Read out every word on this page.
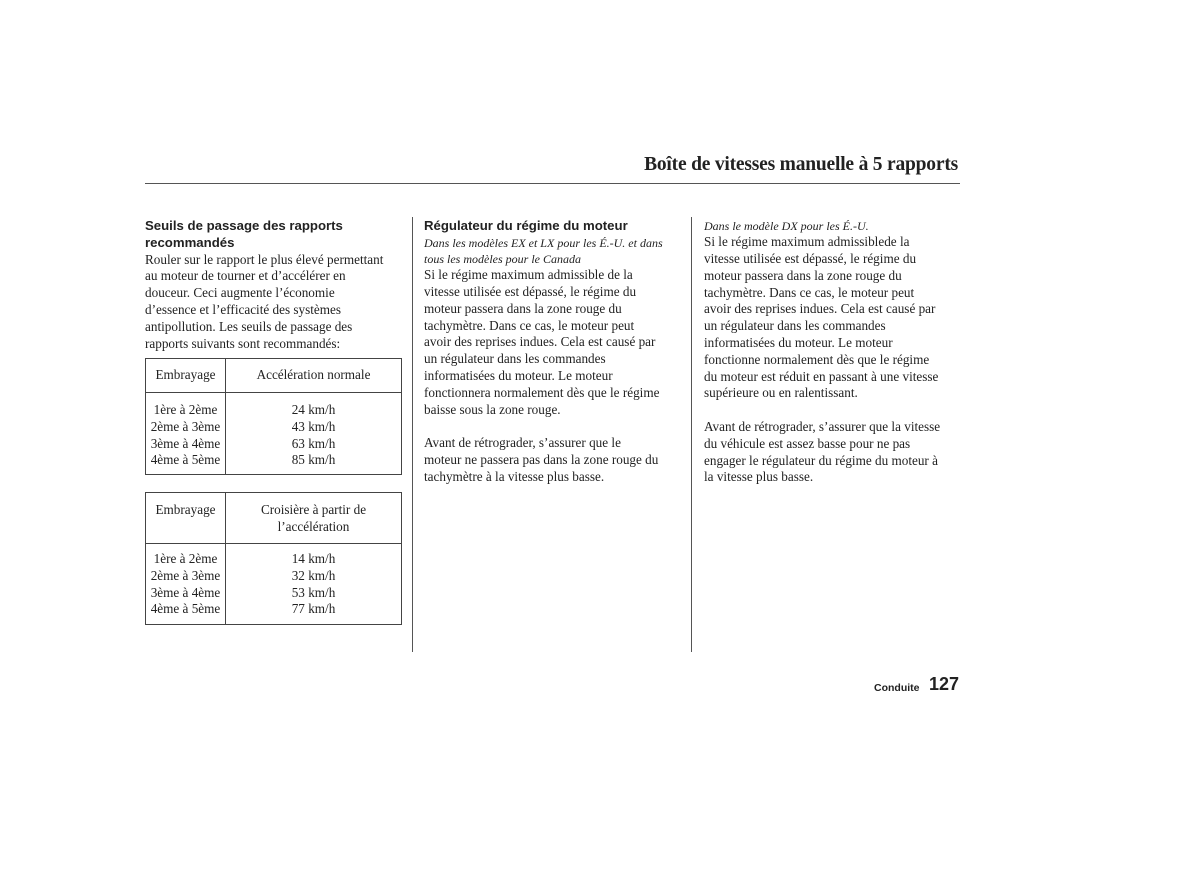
Boîte de vitesses manuelle à 5 rapports

Seuils de passage des rapports

recommandés

Rouler sur le rapport le plus élevé permettant

au moteur de tourner et d’accélérer en

douceur. Ceci augmente l’économie

d’essence et l’efficacité des systèmes

antipollution. Les seuils de passage des

rapports suivants sont recommandés:

Embrayage	Accélération normale

1ère à 2ème	24 km/h
2ème à 3ème	43 km/h
3ème à 4ème	63 km/h
4ème à 5ème	85 km/h
Embrayage	Croisière à partir de
l’accélération

1ère à 2ème	14 km/h
2ème à 3ème	32 km/h
3ème à 4ème	53 km/h
4ème à 5ème	77 km/h

Régulateur du régime du moteur

Dans les modèles EX et LX pour les É.-U. et dans

tous les modèles pour le Canada

Si le régime maximum admissible de la

vitesse utilisée est dépassé, le régime du

moteur passera dans la zone rouge du

tachymètre. Dans ce cas, le moteur peut

avoir des reprises indues. Cela est causé par

un régulateur dans les commandes

informatisées du moteur. Le moteur

fonctionnera normalement dès que le régime

baisse sous la zone rouge.

Avant de rétrograder, s’assurer que le

moteur ne passera pas dans la zone rouge du

tachymètre à la vitesse plus basse.

Dans le modèle DX pour les É.-U.

Si le régime maximum admissiblede la

vitesse utilisée est dépassé, le régime du

moteur passera dans la zone rouge du

tachymètre. Dans ce cas, le moteur peut

avoir des reprises indues. Cela est causé par

un régulateur dans les commandes

informatisées du moteur. Le moteur

fonctionne normalement dès que le régime

du moteur est réduit en passant à une vitesse

supérieure ou en ralentissant.

Avant de rétrograder, s’assurer que la vitesse

du véhicule est assez basse pour ne pas

engager le régulateur du régime du moteur à

la vitesse plus basse.

Conduite 127
